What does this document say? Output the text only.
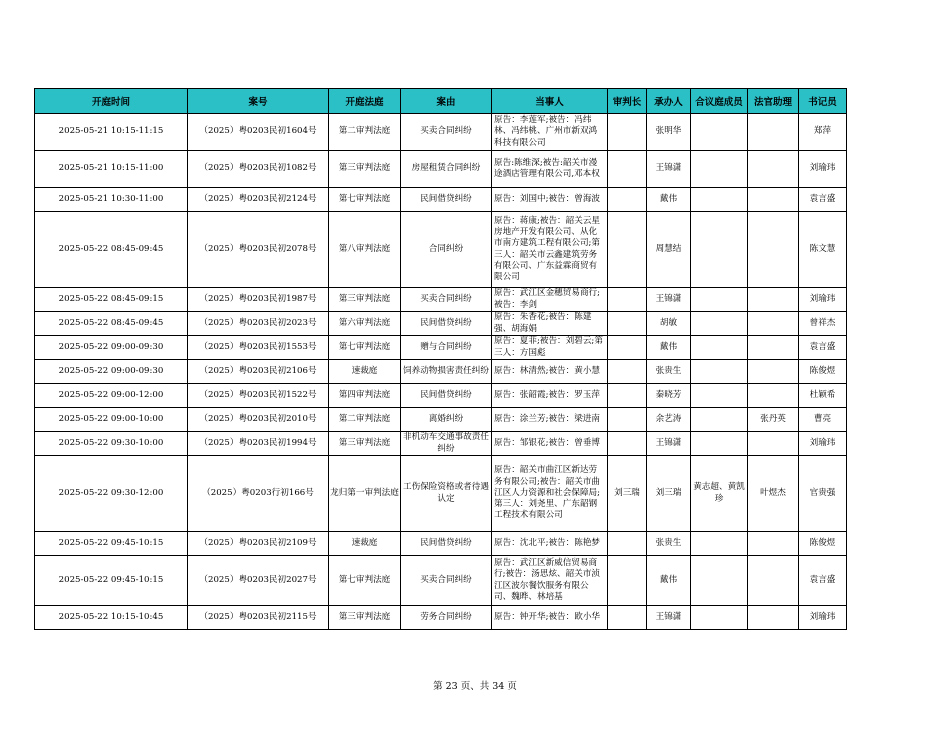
开庭时间	案号	开庭法庭	案由	当事人	审判长	承办人	合议庭成员	法官助理	书记员
2025-05-21 10:15-11:15	（2025）粤0203民初1604号	第二审判法庭	买卖合同纠纷	原告：李莲军;被告：冯纬林、冯纬桃、广州市新双鸿科技有限公司		张明华			郑萍
2025-05-21 10:15-11:00	（2025）粤0203民初1082号	第三审判法庭	房屋租赁合同纠纷	原告:陈维深;被告:韶关市漫途酒店管理有限公司,邓本权		王锦潇			刘瑜玮
2025-05-21 10:30-11:00	（2025）粤0203民初2124号	第七审判法庭	民间借贷纠纷	原告：刘国中;被告：曾海波		戴伟			袁言盛
2025-05-22 08:45-09:45	（2025）粤0203民初2078号	第八审判法庭	合同纠纷	原告：蒋康;被告：韶关云星房地产开发有限公司、从化市南方建筑工程有限公司;第三人：韶关市云鑫建筑劳务有限公司、广东益霖商贸有限公司		周慧结			陈文慧
2025-05-22 08:45-09:15	（2025）粤0203民初1987号	第三审判法庭	买卖合同纠纷	原告：武江区金穗贸易商行;被告：李剑		王锦潇			刘瑜玮
2025-05-22 08:45-09:45	（2025）粤0203民初2023号	第六审判法庭	民间借贷纠纷	原告：朱香花;被告：陈建强、胡海娟		胡敏			曾祥杰
2025-05-22 09:00-09:30	（2025）粤0203民初1553号	第七审判法庭	赠与合同纠纷	原告：夏菲;被告：刘碧云;第三人：方国彪		戴伟			袁言盛
2025-05-22 09:00-09:30	（2025）粤0203民初2106号	速裁庭	饲养动物损害责任纠纷	原告：林清然;被告：黄小慧		张贵生			陈俊煜
2025-05-22 09:00-12:00	（2025）粤0203民初1522号	第四审判法庭	民间借贷纠纷	原告：张韶霞;被告：罗玉萍		秦晓芳			杜颖希
2025-05-22 09:00-10:00	（2025）粤0203民初2010号	第二审判法庭	离婚纠纷	原告：涂兰芳;被告：梁进南		余艺涛		张丹英	曹亮
2025-05-22 09:30-10:00	（2025）粤0203民初1994号	第三审判法庭	非机动车交通事故责任纠纷	原告：邹银花;被告：曾垂博		王锦潇			刘瑜玮
2025-05-22 09:30-12:00	（2025）粤0203行初166号	龙归第一审判法庭	工伤保险资格或者待遇认定	原告：韶关市曲江区新达劳务有限公司;被告：韶关市曲江区人力资源和社会保障局;第三人：刘尧里、广东韶钢工程技术有限公司	刘三瑞	刘三瑞	黄志超、黄凯珍	叶煜杰	官贵强
2025-05-22 09:45-10:15	（2025）粤0203民初2109号	速裁庭	民间借贷纠纷	原告：沈北平;被告：陈艳梦		张贵生			陈俊煜
2025-05-22 09:45-10:15	（2025）粤0203民初2027号	第七审判法庭	买卖合同纠纷	原告：武江区新威信贸易商行;被告：汤思炫、韶关市浈江区波尔餐饮服务有限公司、魏晔、林培基		戴伟			袁言盛
2025-05-22 10:15-10:45	（2025）粤0203民初2115号	第三审判法庭	劳务合同纠纷	原告：钟开华;被告：欧小华		王锦潇			刘瑜玮
第 23 页、共 34 页
